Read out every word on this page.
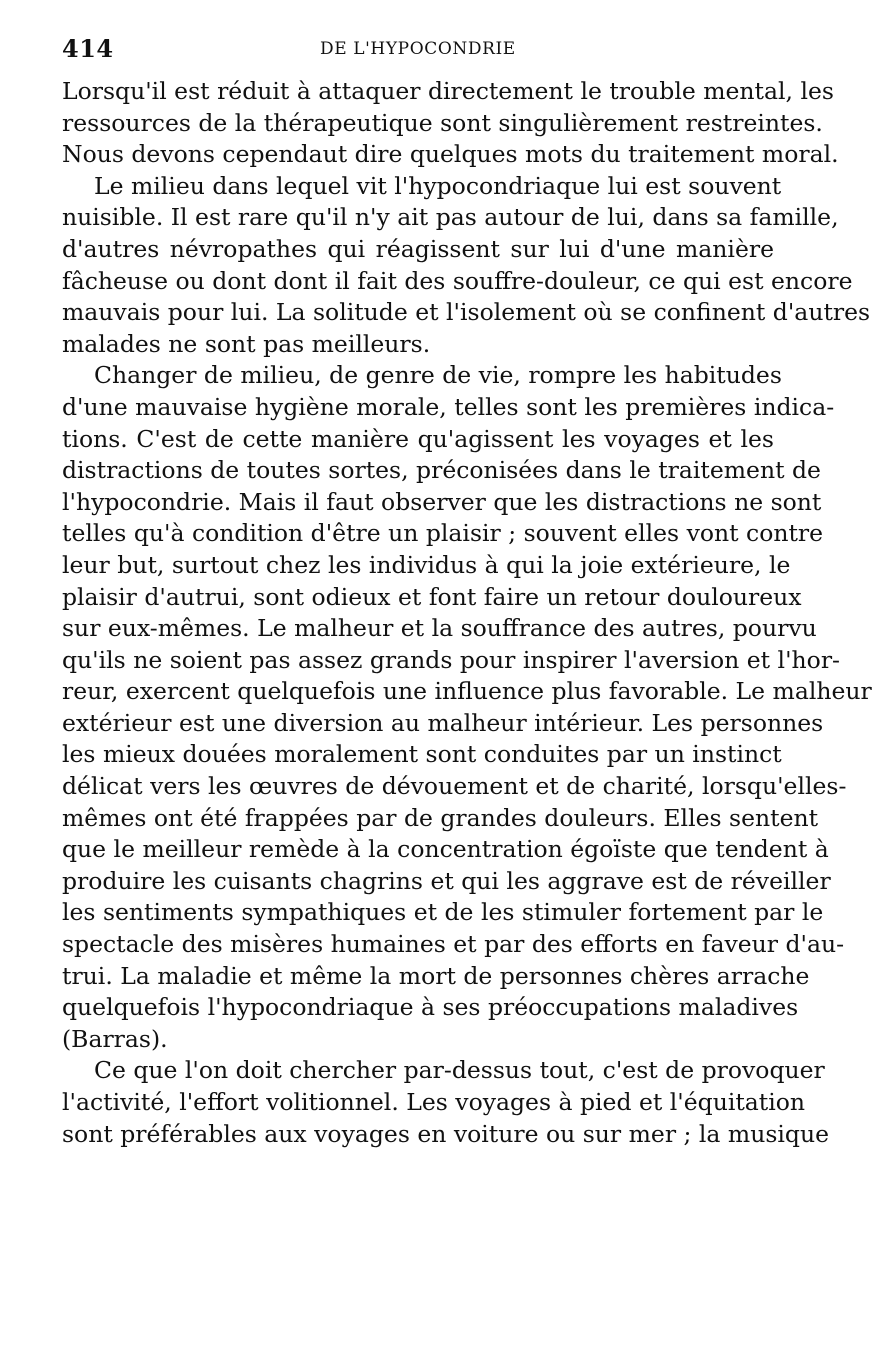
414	DE L'HYPOCONDRIE
Lorsqu'il est réduit à attaquer directement le trouble mental, les
ressources de la thérapeutique sont singulièrement restreintes.
Nous devons cependaut dire quelques mots du traitement moral.
Le milieu dans lequel vit l'hypocondriaque lui est souvent
nuisible. Il est rare qu'il n'y ait pas autour de lui, dans sa famille,
d'autres névropathes qui réagissent sur lui d'une manière
fâcheuse ou dont dont il fait des souffre-douleur, ce qui est encore
mauvais pour lui. La solitude et l'isolement où se confinent d'autres
malades ne sont pas meilleurs.
Changer de milieu, de genre de vie, rompre les habitudes
d'une mauvaise hygiène morale, telles sont les premières indica-
tions. C'est de cette manière qu'agissent les voyages et les
distractions de toutes sortes, préconisées dans le traitement de
l'hypocondrie. Mais il faut observer que les distractions ne sont
telles qu'à condition d'être un plaisir ; souvent elles vont contre
leur but, surtout chez les individus à qui la joie extérieure, le
plaisir d'autrui, sont odieux et font faire un retour douloureux
sur eux-mêmes. Le malheur et la souffrance des autres, pourvu
qu'ils ne soient pas assez grands pour inspirer l'aversion et l'hor-
reur, exercent quelquefois une influence plus favorable. Le malheur
extérieur est une diversion au malheur intérieur. Les personnes
les mieux douées moralement sont conduites par un instinct
délicat vers les œuvres de dévouement et de charité, lorsqu'elles-
mêmes ont été frappées par de grandes douleurs. Elles sentent
que le meilleur remède à la concentration égoïste que tendent à
produire les cuisants chagrins et qui les aggrave est de réveiller
les sentiments sympathiques et de les stimuler fortement par le
spectacle des misères humaines et par des efforts en faveur d'au-
trui. La maladie et même la mort de personnes chères arrache
quelquefois l'hypocondriaque à ses préoccupations maladives
(Barras).
Ce que l'on doit chercher par-dessus tout, c'est de provoquer
l'activité, l'effort volitionnel. Les voyages à pied et l'équitation
sont préférables aux voyages en voiture ou sur mer ; la musique
